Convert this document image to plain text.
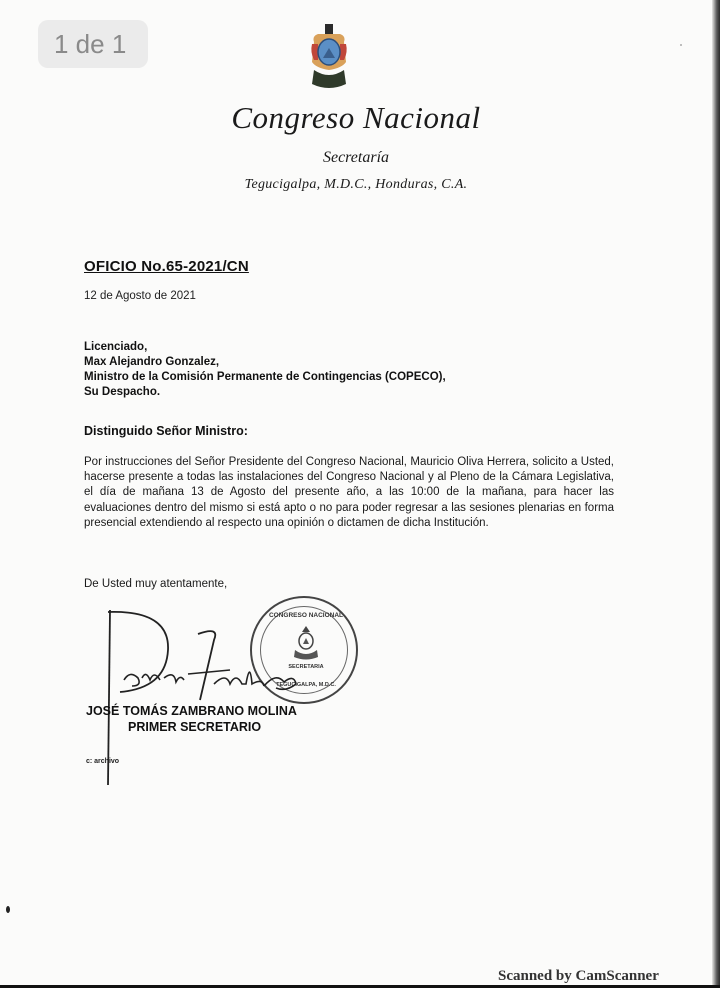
Congreso Nacional
Secretaría
Tegucigalpa, M.D.C., Honduras, C.A.
OFICIO No.65-2021/CN
12 de Agosto de 2021
Licenciado,
Max Alejandro Gonzalez,
Ministro de la Comisión Permanente de Contingencias (COPECO),
Su Despacho.
Distinguido Señor Ministro:
Por instrucciones del Señor Presidente del Congreso Nacional, Mauricio Oliva Herrera, solicito a Usted, hacerse presente a todas las instalaciones del Congreso Nacional y al Pleno de la Cámara Legislativa, el día de mañana 13 de Agosto del presente año, a las 10:00 de la mañana, para hacer las evaluaciones dentro del mismo si está apto o no para poder regresar a las sesiones plenarias en forma presencial extendiendo al respecto una opinión o dictamen de dicha Institución.
De Usted muy atentamente,
CONGRESO NACIONAL
SECRETARIA
TEGUCIGALPA, M.D.C.
JOSÉ TOMÁS ZAMBRANO MOLINA
PRIMER SECRETARIO
c: archivo
Scanned by CamScanner
1 de 1
